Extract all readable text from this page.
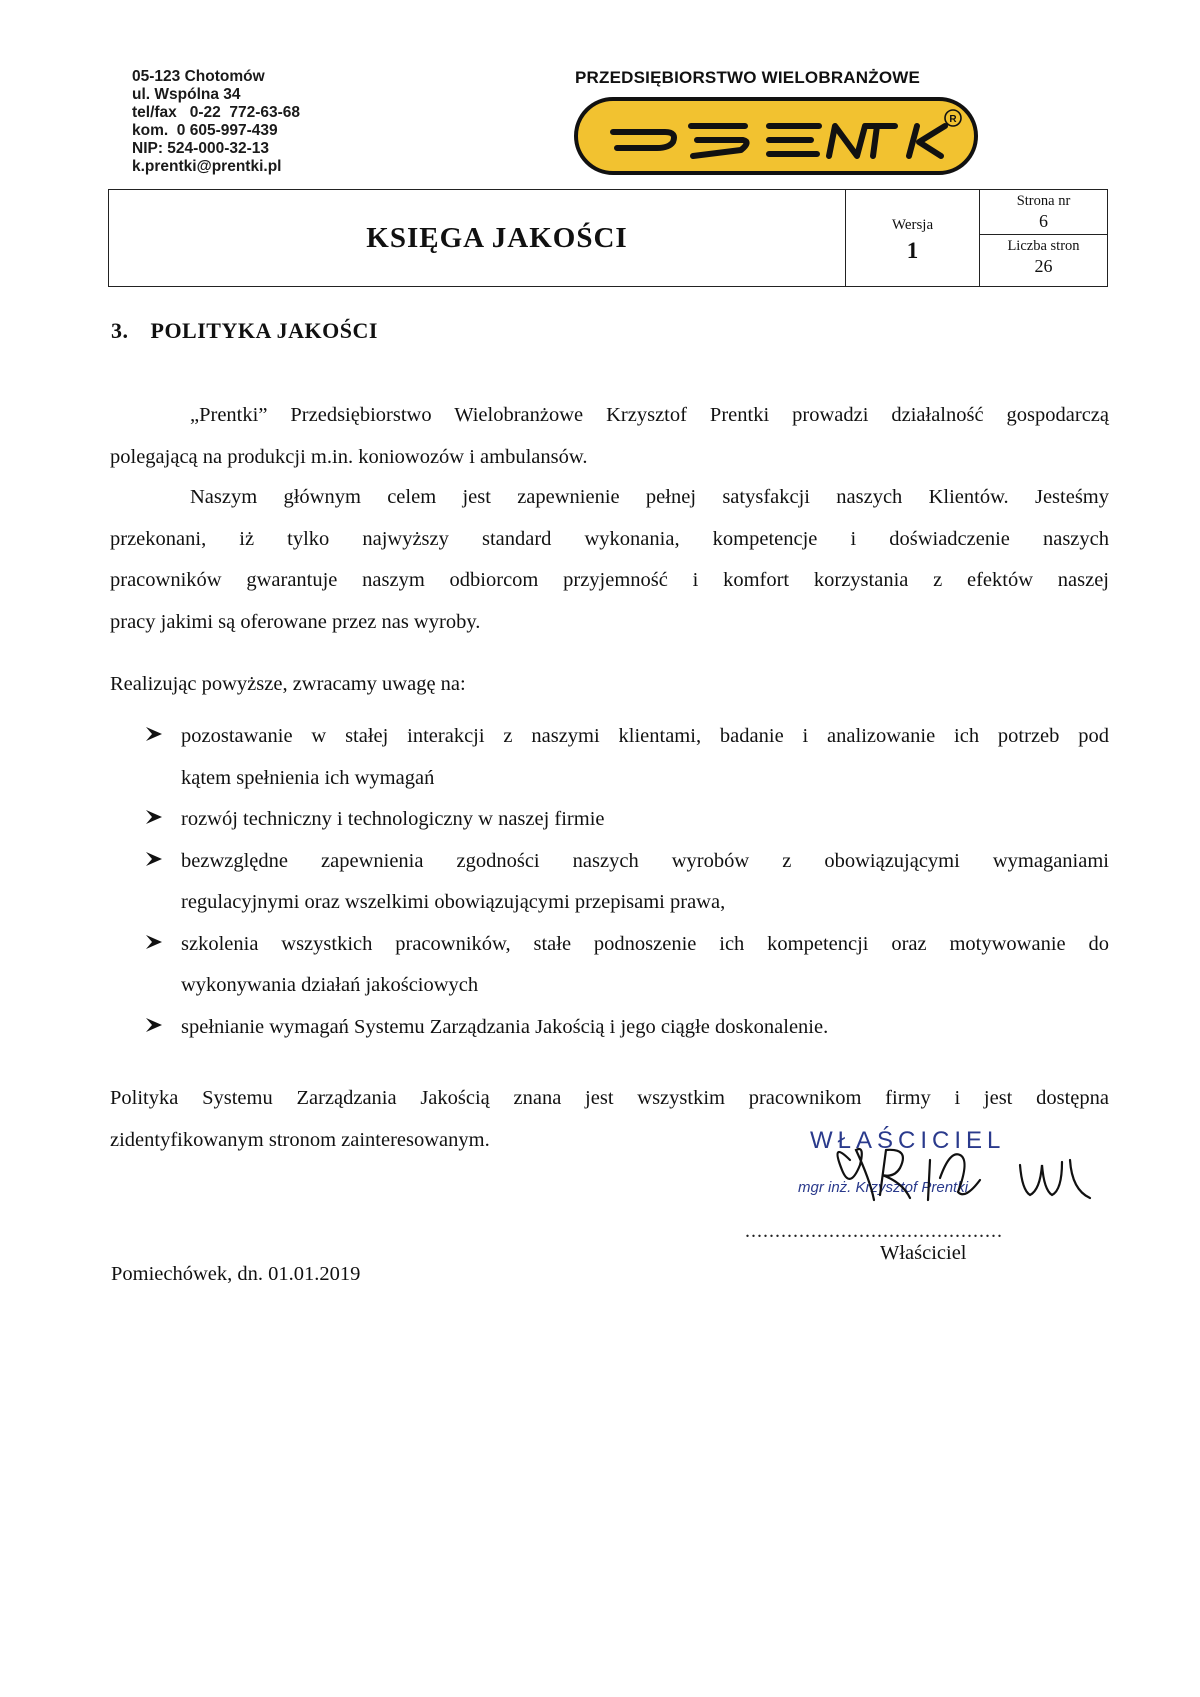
05-123 Chotomów
ul. Wspólna 34
tel/fax   0-22  772-63-68
kom.  0 605-997-439
NIP: 524-000-32-13
k.prentki@prentki.pl
PRZEDSIĘBIORSTWO WIELOBRANŻOWE
R
KSIĘGA JAKOŚCI	Wersja
1
Strona nr
6
Liczba stron
26
3. POLITYKA JAKOŚCI
„Prentki” Przedsiębiorstwo Wielobranżowe Krzysztof Prentki prowadzi działalność gospodarczą
polegającą na produkcji m.in. koniowozów i ambulansów.
Naszym głównym celem jest zapewnienie pełnej satysfakcji naszych Klientów. Jesteśmy
przekonani, iż tylko najwyższy standard wykonania, kompetencje i doświadczenie naszych
pracowników gwarantuje naszym odbiorcom przyjemność i komfort korzystania z efektów naszej
pracy jakimi są oferowane przez nas wyroby.
Realizując powyższe, zwracamy uwagę na:
pozostawanie w stałej interakcji z naszymi klientami, badanie i analizowanie ich potrzeb pod
kątem spełnienia ich wymagań
rozwój techniczny i technologiczny w naszej firmie
bezwzględne zapewnienia zgodności naszych wyrobów z obowiązującymi wymaganiami
regulacyjnymi oraz wszelkimi obowiązującymi przepisami prawa,
szkolenia wszystkich pracowników, stałe podnoszenie ich kompetencji oraz motywowanie do
wykonywania działań jakościowych
spełnianie wymagań Systemu Zarządzania Jakością i jego ciągłe doskonalenie.
Polityka Systemu Zarządzania Jakością znana jest wszystkim pracownikom firmy i jest dostępna
zidentyfikowanym stronom zainteresowanym.	WŁAŚCICIEL
mgr inż. Krzysztof Prentki
...........................................
Właściciel
Pomiechówek, dn. 01.01.2019
